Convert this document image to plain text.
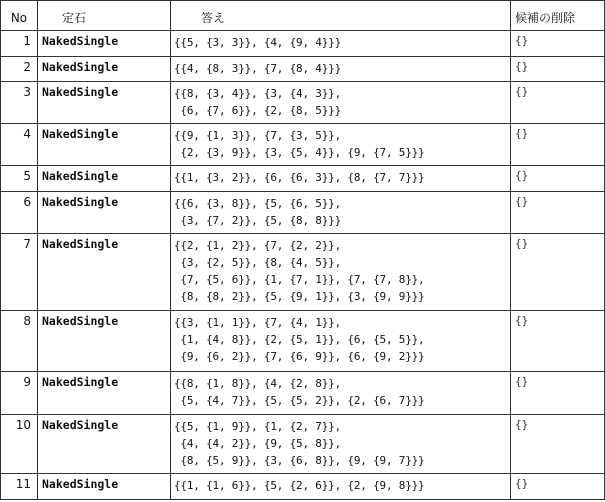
No	定石	答え	候補の削除
1	NakedSingle	{{5, {3, 3}}, {4, {9, 4}}}	{}
2	NakedSingle	{{4, {8, 3}}, {7, {8, 4}}}	{}
3	NakedSingle	{{8, {3, 4}}, {3, {4, 3}},
{6, {7, 6}}, {2, {8, 5}}}	{}
4	NakedSingle	{{9, {1, 3}}, {7, {3, 5}},
{2, {3, 9}}, {3, {5, 4}}, {9, {7, 5}}}	{}
5	NakedSingle	{{1, {3, 2}}, {6, {6, 3}}, {8, {7, 7}}}	{}
6	NakedSingle	{{6, {3, 8}}, {5, {6, 5}},
{3, {7, 2}}, {5, {8, 8}}}	{}
7	NakedSingle	{{2, {1, 2}}, {7, {2, 2}},
{3, {2, 5}}, {8, {4, 5}},
{7, {5, 6}}, {1, {7, 1}}, {7, {7, 8}},
{8, {8, 2}}, {5, {9, 1}}, {3, {9, 9}}}	{}
8	NakedSingle	{{3, {1, 1}}, {7, {4, 1}},
{1, {4, 8}}, {2, {5, 1}}, {6, {5, 5}},
{9, {6, 2}}, {7, {6, 9}}, {6, {9, 2}}}	{}
9	NakedSingle	{{8, {1, 8}}, {4, {2, 8}},
{5, {4, 7}}, {5, {5, 2}}, {2, {6, 7}}}	{}
10	NakedSingle	{{5, {1, 9}}, {1, {2, 7}},
{4, {4, 2}}, {9, {5, 8}},
{8, {5, 9}}, {3, {6, 8}}, {9, {9, 7}}}	{}
11	NakedSingle	{{1, {1, 6}}, {5, {2, 6}}, {2, {9, 8}}}	{}
